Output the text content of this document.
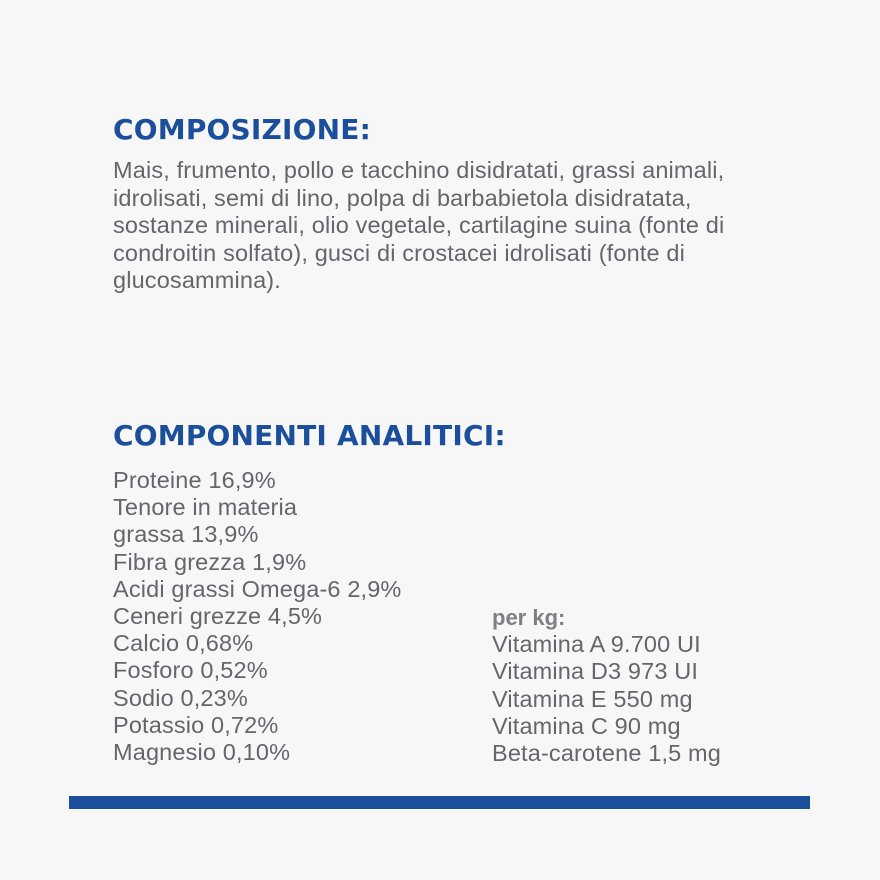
COMPOSIZIONE:

Mais, frumento, pollo e tacchino disidratati, grassi animali, idrolisati, semi di lino, polpa di barbabietola disidratata, sostanze minerali, olio vegetale, cartilagine suina (fonte di condroitin solfato), gusci di crostacei idrolisati (fonte di glucosammina).

COMPONENTI ANALITICI:
Proteine 16,9%
Tenore in materia
grassa 13,9%
Fibra grezza 1,9%
Acidi grassi Omega-6 2,9%
Ceneri grezze 4,5%
Calcio 0,68%
Fosforo 0,52%
Sodio 0,23%
Potassio 0,72%
Magnesio 0,10%

per kg:

Vitamina A 9.700 UI
Vitamina D3 973 UI
Vitamina E 550 mg
Vitamina C 90 mg
Beta-carotene 1,5 mg
